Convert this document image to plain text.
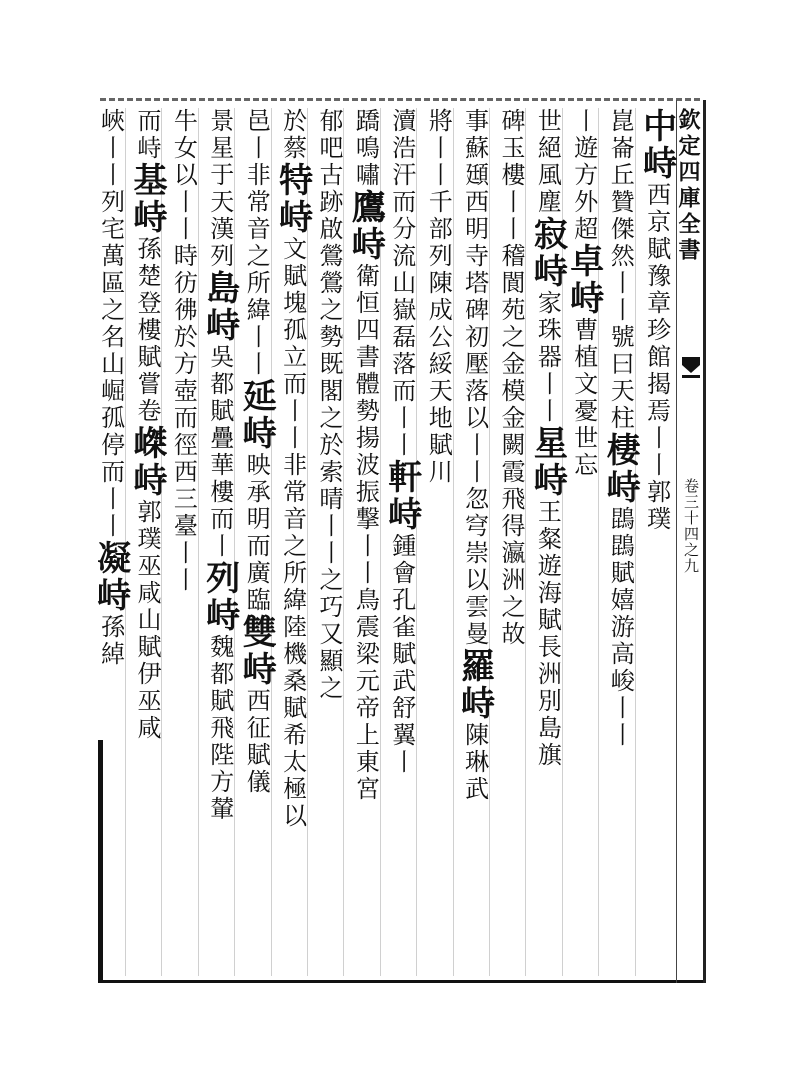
欽定四庫全書
卷三十四之九
中峙西京賦豫章珍館揭焉丨丨郭璞
崑崙丘贊傑然丨丨號曰天柱棲峙鵾鵾賦嬉游高峻丨丨
丨遊方外超卓峙曹植文憂世忘
世絕風塵寂峙家珠器丨丨星峙王粲遊海賦長洲別島旗
碑玉樓丨丨稽閬苑之金模金闕霞飛得瀛洲之故
事蘇頲西明寺塔碑初壓落以丨丨忽穹崇以雲曼羅峙陳琳武
將丨丨千部列陳成公綏天地賦川
瀆浩汗而分流山嶽磊落而丨丨軒峙鍾會孔雀賦武舒翼丨
蹻鳴嘯鷹峙衛恒四書體勢揚波振撃丨丨鳥震梁元帝上東宮
郁吧古跡啟鶯鶯之勢既閣之於索晴丨丨之巧又顯之
於蔡特峙文賦塊孤立而丨丨非常音之所緯陸機桑賦希太極以
邑丨非常音之所緯丨丨延峙映承明而廣臨雙峙西征賦儀
景星于天漢列島峙吳都賦疊華樓而丨列峙魏都賦飛陛方輦
牛女以丨丨時彷彿於方壺而徑西三臺丨丨
而峙基峙孫楚登樓賦嘗卷嵥峙郭璞巫咸山賦伊巫咸
峽丨丨列宅萬區之名山崛孤停而丨丨凝峙孫綽
